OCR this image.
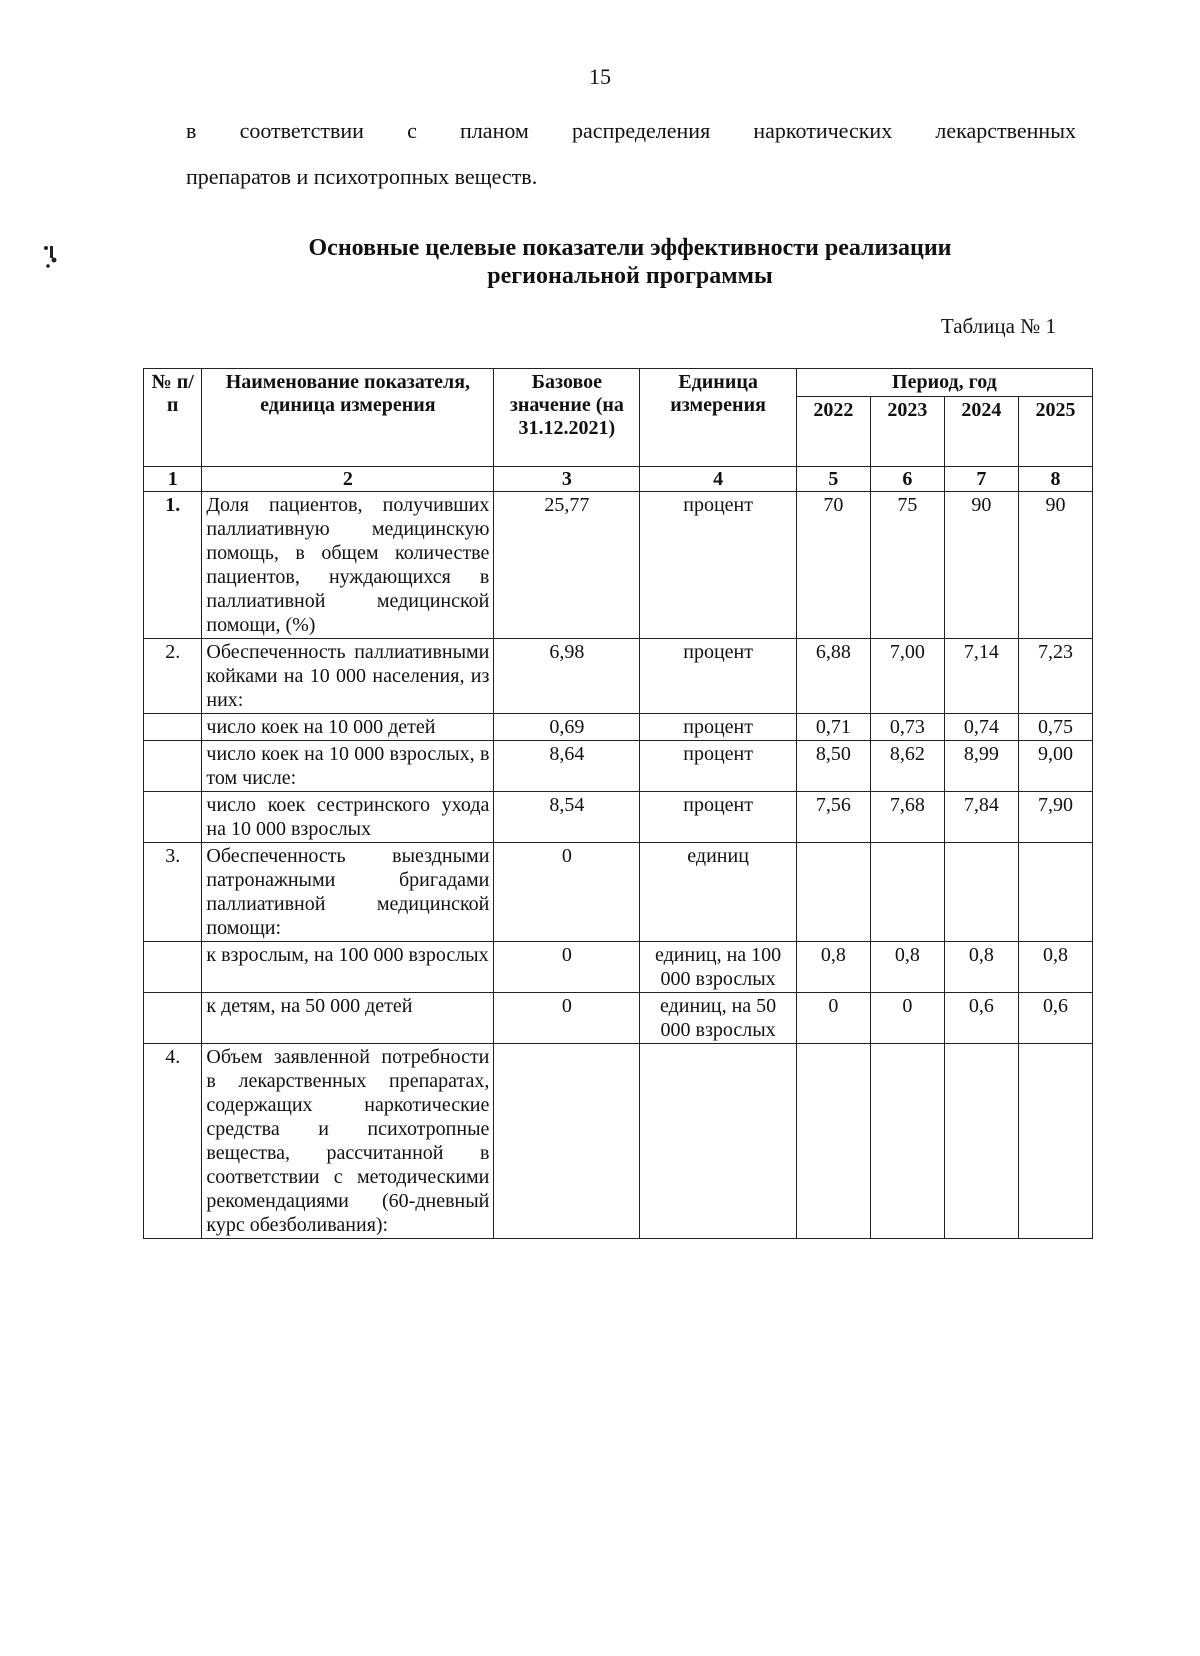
15
в соответствии с планом распределения наркотических лекарственных
препаратов и психотропных веществ.
Основные целевые показатели эффективности реализации
региональной программы
Таблица № 1
№ п/п	Наименование показателя, единица измерения	Базовое значение (на 31.12.2021)	Единица измерения	Период, год			
				2022	2023	2024	2025
1	2	3	4	5	6	7	8
1.	Доля пациентов, получивших паллиативную медицинскую помощь, в общем количестве пациентов, нуждающихся в паллиативной медицинской помощи, (%)	25,77	процент	70	75	90	90
2.	Обеспеченность паллиативными койками на 10 000 населения, из них:	6,98	процент	6,88	7,00	7,14	7,23
	число коек на 10 000 детей	0,69	процент	0,71	0,73	0,74	0,75
	число коек на 10 000 взрослых, в том числе:	8,64	процент	8,50	8,62	8,99	9,00
	число коек сестринского ухода на 10 000 взрослых	8,54	процент	7,56	7,68	7,84	7,90
3.	Обеспеченность выездными патронажными бригадами паллиативной медицинской помощи:	0	единиц				
	к взрослым, на 100 000 взрослых	0	единиц, на 100 000 взрослых	0,8	0,8	0,8	0,8
	к детям, на 50 000 детей	0	единиц, на 50 000 взрослых	0	0	0,6	0,6
4.	Объем заявленной потребности в лекарственных препаратах, содержащих наркотические средства и психотропные вещества, рассчитанной в соответствии с методическими рекомендациями (60-дневный курс обезболивания):						
